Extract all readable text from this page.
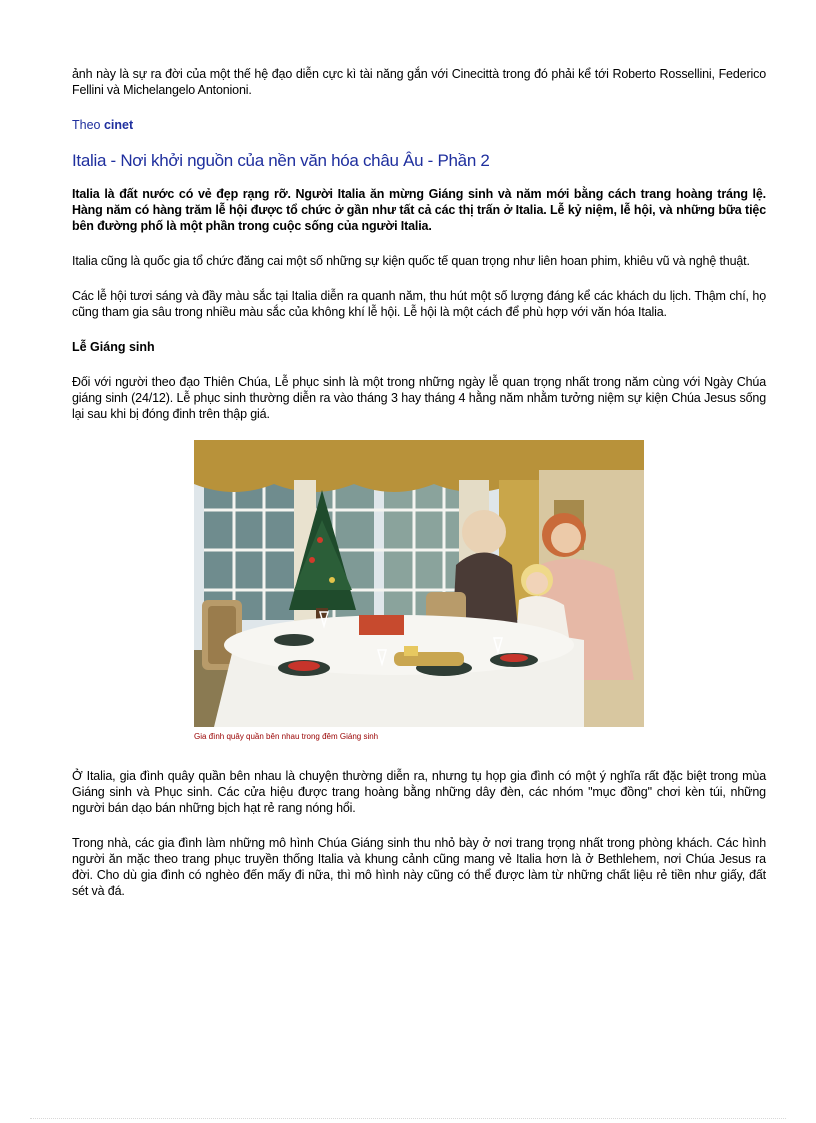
ảnh này là sự ra đời của một thế hệ đạo diễn cực kì tài năng gắn với Cinecittà trong đó phải kể tới Roberto Rossellini, Federico Fellini và Michelangelo Antonioni.

Theo cinet
Italia - Nơi khởi nguồn của nền văn hóa châu Âu - Phần 2

Italia là đất nước có vẻ đẹp rạng rỡ. Người Italia ăn mừng Giáng sinh và năm mới bằng cách trang hoàng tráng lệ. Hàng năm có hàng trăm lễ hội được tổ chức ở gần như tất cả các thị trấn ở Italia. Lễ kỷ niệm, lễ hội, và những bữa tiệc bên đường phố là một phần trong cuộc sống của người Italia.

Italia cũng là quốc gia tổ chức đăng cai một số những sự kiện quốc tế quan trọng như liên hoan phim, khiêu vũ và nghệ thuật.

Các lễ hội tươi sáng và đầy màu sắc tại Italia diễn ra quanh năm, thu hút một số lượng đáng kể các khách du lịch. Thậm chí, họ cũng tham gia sâu trong nhiều màu sắc của không khí lễ hội. Lễ hội là một cách để phù hợp với văn hóa Italia.

Lễ Giáng sinh

Đối với người theo đạo Thiên Chúa, Lễ phục sinh là một trong những ngày lễ quan trọng nhất trong năm cùng với Ngày Chúa giáng sinh (24/12). Lễ phục sinh thường diễn ra vào tháng 3 hay tháng 4 hằng năm nhằm tưởng niệm sự kiện Chúa Jesus sống lại sau khi bị đóng đinh trên thập giá.

Gia đình quây quần bên nhau trong đêm Giáng sinh

Ở Italia, gia đình quây quần bên nhau là chuyện thường diễn ra, nhưng tụ họp gia đình có một ý nghĩa rất đặc biệt trong mùa Giáng sinh và Phục sinh. Các cửa hiệu được trang hoàng bằng những dây đèn, các nhóm "mục đồng" chơi kèn túi, những người bán dạo bán những bịch hạt rẻ rang nóng hổi.

Trong nhà, các gia đình làm những mô hình Chúa Giáng sinh thu nhỏ bày ở nơi trang trọng nhất trong phòng khách. Các hình người ăn mặc theo trang phục truyền thống Italia và khung cảnh cũng mang vẻ Italia hơn là ở Bethlehem, nơi Chúa Jesus ra đời. Cho dù gia đình có nghèo đến mấy đi nữa, thì mô hình này cũng có thể được làm từ những chất liệu rẻ tiền như giấy, đất sét và đá.
